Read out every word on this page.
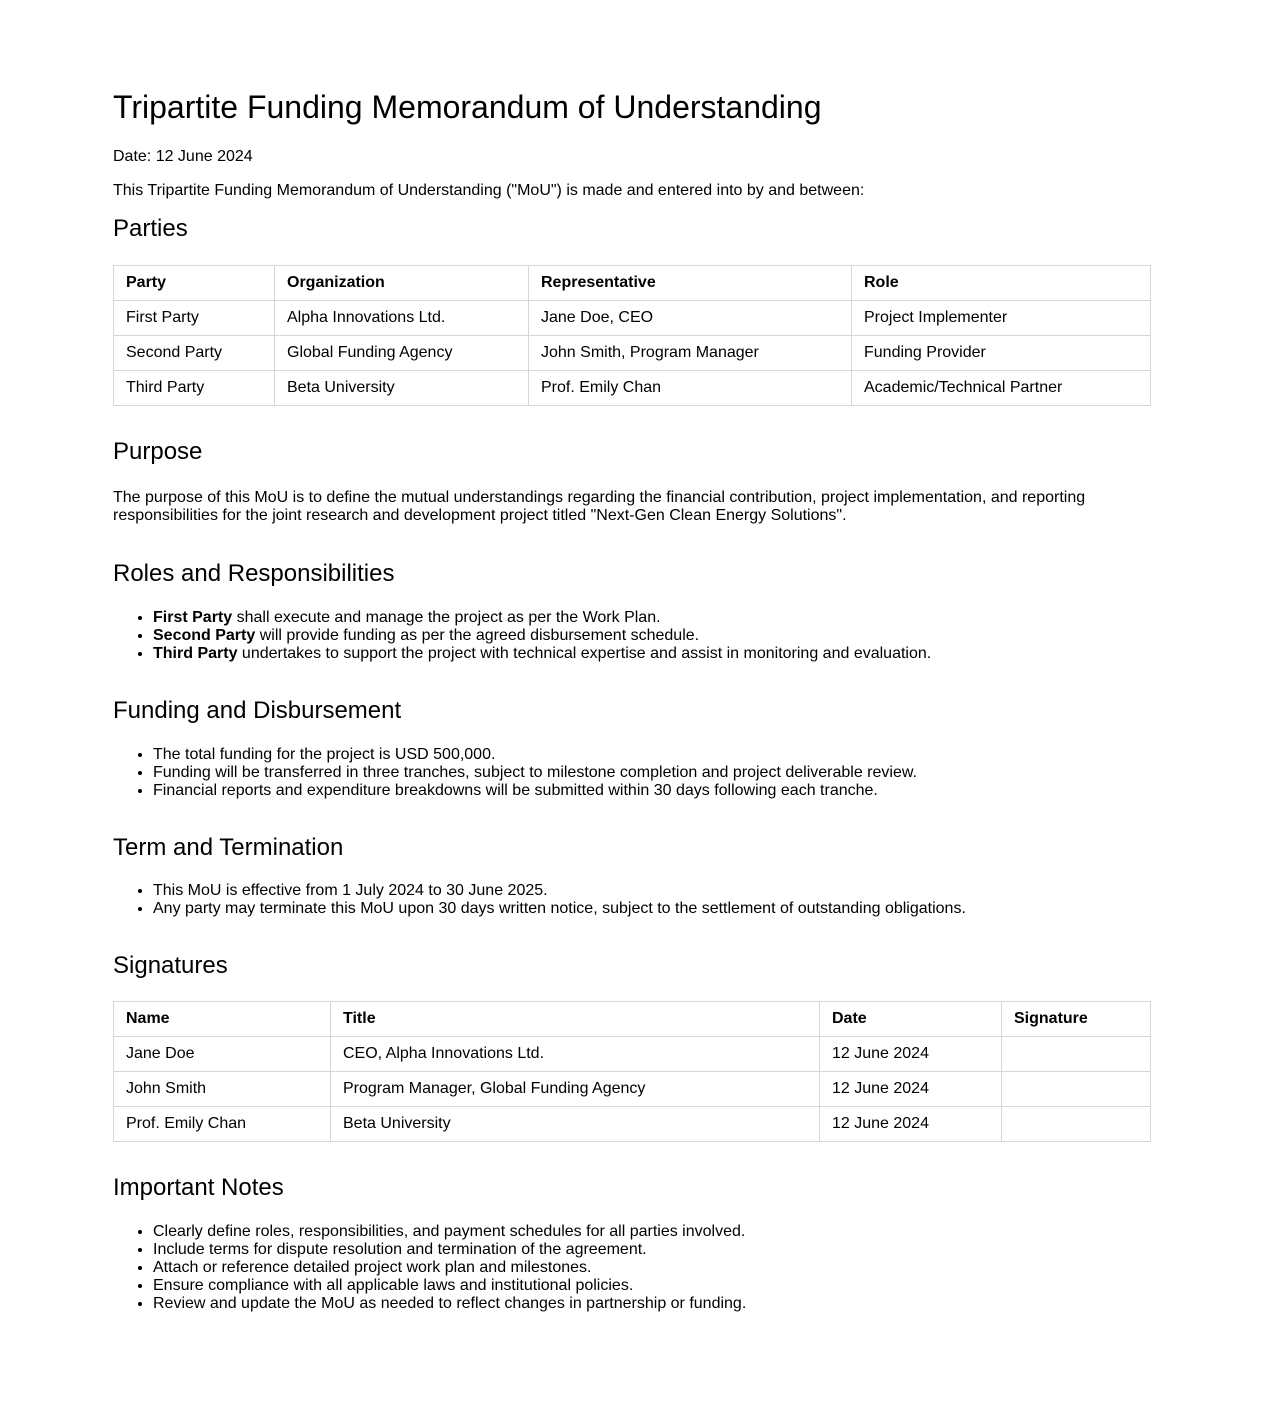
Tripartite Funding Memorandum of Understanding

Date: 12 June 2024

This Tripartite Funding Memorandum of Understanding ("MoU") is made and entered into by and between:

Parties
Party	Organization	Representative	Role
First Party	Alpha Innovations Ltd.	Jane Doe, CEO	Project Implementer
Second Party	Global Funding Agency	John Smith, Program Manager	Funding Provider
Third Party	Beta University	Prof. Emily Chan	Academic/Technical Partner
Purpose

The purpose of this MoU is to define the mutual understandings regarding the financial contribution, project implementation, and reporting responsibilities for the joint research and development project titled "Next-Gen Clean Energy Solutions".

Roles and Responsibilities
• First Party shall execute and manage the project as per the Work Plan.
• Second Party will provide funding as per the agreed disbursement schedule.
• Third Party undertakes to support the project with technical expertise and assist in monitoring and evaluation.
Funding and Disbursement
• The total funding for the project is USD 500,000.
• Funding will be transferred in three tranches, subject to milestone completion and project deliverable review.
• Financial reports and expenditure breakdowns will be submitted within 30 days following each tranche.
Term and Termination
• This MoU is effective from 1 July 2024 to 30 June 2025.
• Any party may terminate this MoU upon 30 days written notice, subject to the settlement of outstanding obligations.
Signatures
Name	Title	Date	Signature
Jane Doe	CEO, Alpha Innovations Ltd.	12 June 2024	
John Smith	Program Manager, Global Funding Agency	12 June 2024	
Prof. Emily Chan	Beta University	12 June 2024	
Important Notes
• Clearly define roles, responsibilities, and payment schedules for all parties involved.
• Include terms for dispute resolution and termination of the agreement.
• Attach or reference detailed project work plan and milestones.
• Ensure compliance with all applicable laws and institutional policies.
• Review and update the MoU as needed to reflect changes in partnership or funding.
